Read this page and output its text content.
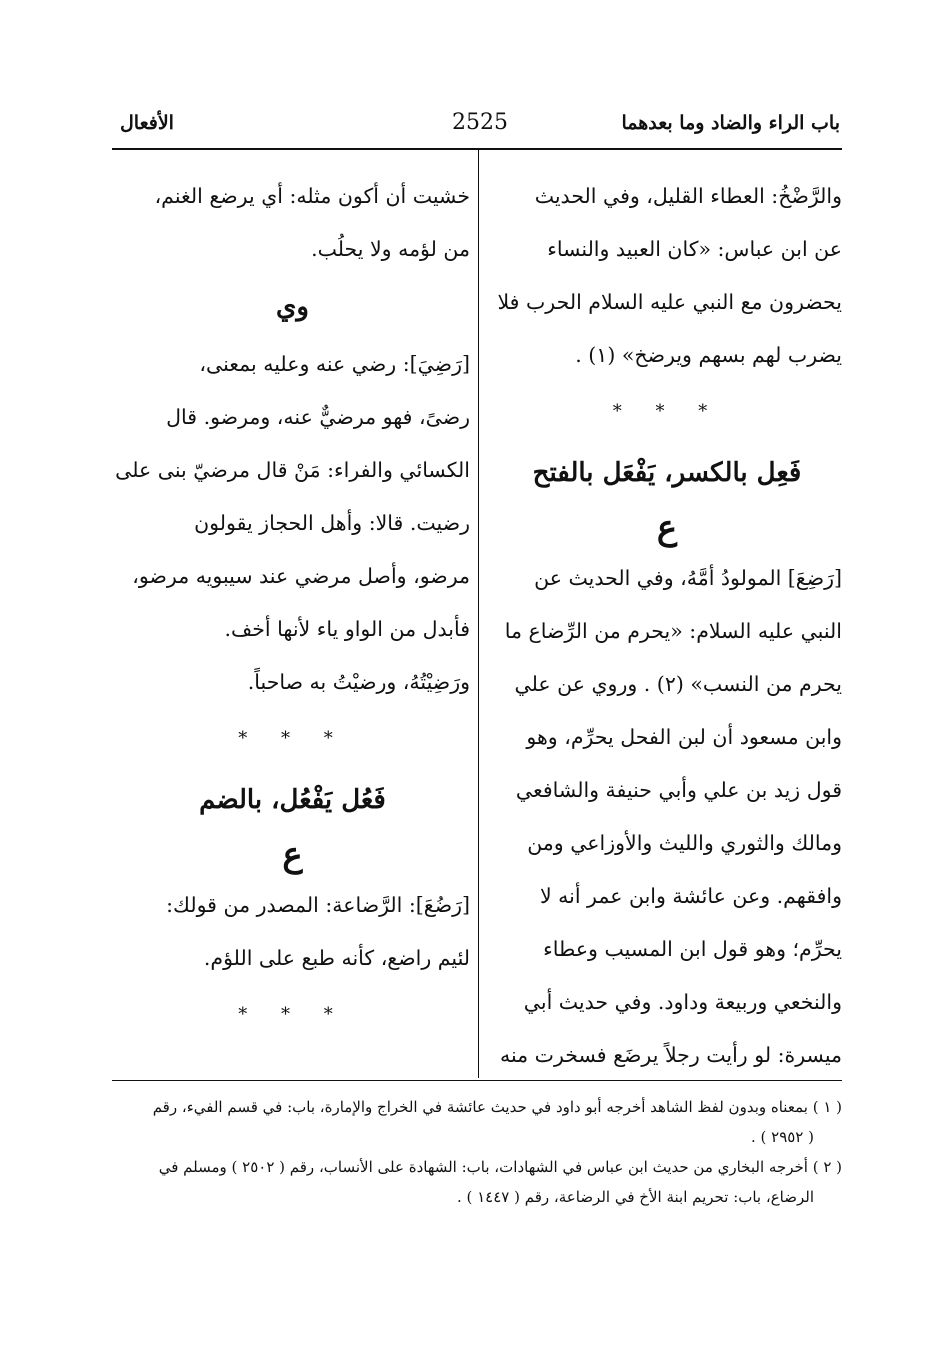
باب الراء والضاد وما بعدهما
2525
الأفعال
والرَّضْخُ: العطاء القليل، وفي الحديث
عن ابن عباس: «كان العبيد والنساء
يحضرون مع النبي عليه السلام الحرب فلا
يضرب لهم بسهم ويرضخ» (١) .
* * *
فَعِل بالكسر، يَفْعَل بالفتح
ع
[رَضِعَ] المولودُ أمَّهُ، وفي الحديث عن
النبي عليه السلام: «يحرم من الرِّضاع ما
يحرم من النسب» (٢) . وروي عن علي
وابن مسعود أن لبن الفحل يحرِّم، وهو
قول زيد بن علي وأبي حنيفة والشافعي
ومالك والثوري والليث والأوزاعي ومن
وافقهم. وعن عائشة وابن عمر أنه لا
يحرِّم؛ وهو قول ابن المسيب وعطاء
والنخعي وربيعة وداود. وفي حديث أبي
ميسرة: لو رأيت رجلاً يرضَع فسخرت منه
خشيت أن أكون مثله: أي يرضع الغنم،
من لؤمه ولا يحلُب.
وي
[رَضِيَ]: رضي عنه وعليه بمعنى،
رضىً، فهو مرضيٌّ عنه، ومرضو. قال
الكسائي والفراء: مَنْ قال مرضيّ بنى على
رضيت. قالا: وأهل الحجاز يقولون
مرضو، وأصل مرضي عند سيبويه مرضو،
فأبدل من الواو ياء لأنها أخف.
ورَضِيْتُهُ، ورضيْتُ به صاحباً.
* * *
فَعُل يَفْعُل، بالضم
ع
[رَضُعَ]: الرَّضاعة: المصدر من قولك:
لئيم راضع، كأنه طبع على اللؤم.
* * *
( ١ ) بمعناه وبدون لفظ الشاهد أخرجه أبو داود في حديث عائشة في الخراج والإمارة، باب: في قسم الفيء، رقم
( ٢٩٥٢ ) .
( ٢ ) أخرجه البخاري من حديث ابن عباس في الشهادات، باب: الشهادة على الأنساب، رقم ( ٢٥٠٢ ) ومسلم في
الرضاع، باب: تحريم ابنة الأخ في الرضاعة، رقم ( ١٤٤٧ ) .
